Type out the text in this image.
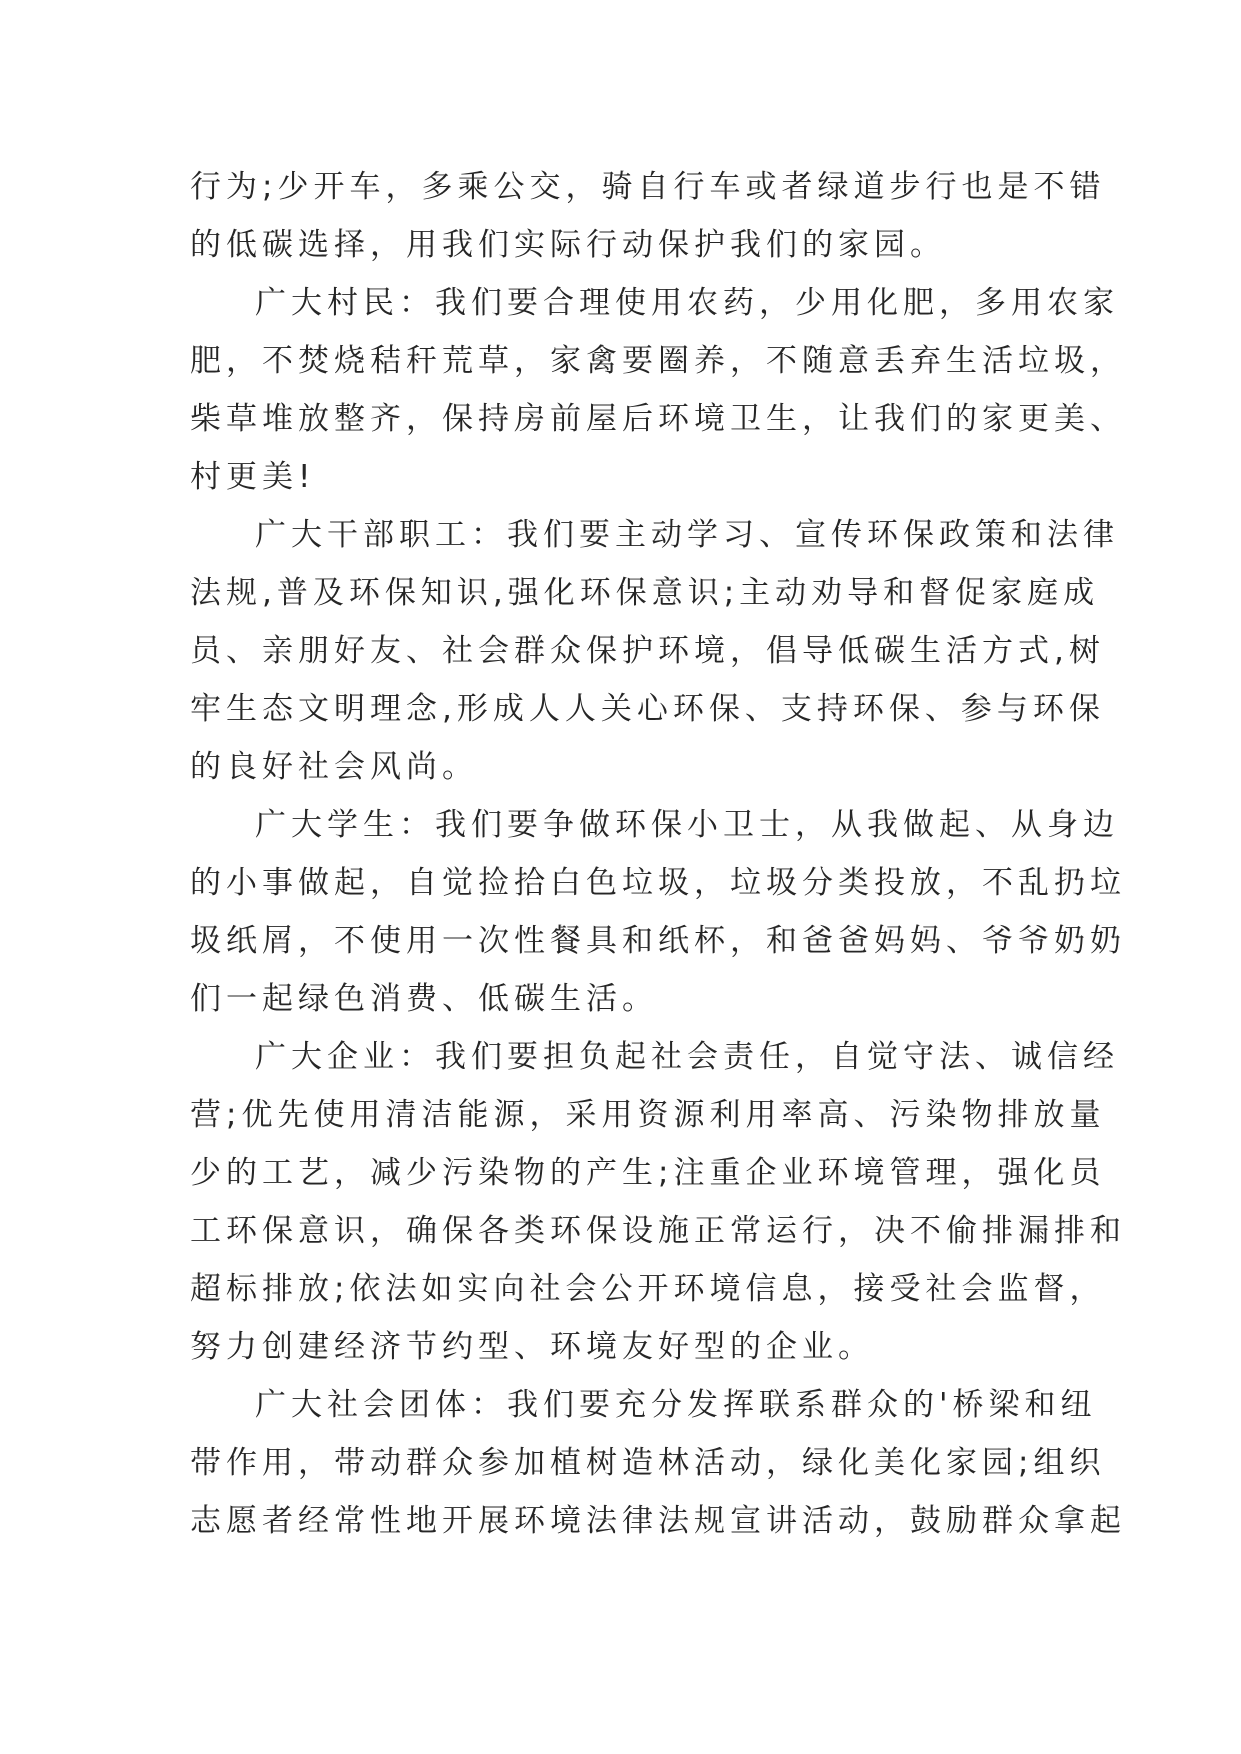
行为;少开车，多乘公交，骑自行车或者绿道步行也是不错
的低碳选择，用我们实际行动保护我们的家园。
广大村民：我们要合理使用农药，少用化肥，多用农家
肥，不焚烧秸秆荒草，家禽要圈养，不随意丢弃生活垃圾，
柴草堆放整齐，保持房前屋后环境卫生，让我们的家更美、
村更美!
广大干部职工：我们要主动学习、宣传环保政策和法律
法规,普及环保知识,强化环保意识;主动劝导和督促家庭成
员、亲朋好友、社会群众保护环境，倡导低碳生活方式,树
牢生态文明理念,形成人人关心环保、支持环保、参与环保
的良好社会风尚。
广大学生：我们要争做环保小卫士，从我做起、从身边
的小事做起，自觉捡拾白色垃圾，垃圾分类投放，不乱扔垃
圾纸屑，不使用一次性餐具和纸杯，和爸爸妈妈、爷爷奶奶
们一起绿色消费、低碳生活。
广大企业：我们要担负起社会责任，自觉守法、诚信经
营;优先使用清洁能源，采用资源利用率高、污染物排放量
少的工艺，减少污染物的产生;注重企业环境管理，强化员
工环保意识，确保各类环保设施正常运行，决不偷排漏排和
超标排放;依法如实向社会公开环境信息，接受社会监督，
努力创建经济节约型、环境友好型的企业。
广大社会团体：我们要充分发挥联系群众的'桥梁和纽
带作用，带动群众参加植树造林活动，绿化美化家园;组织
志愿者经常性地开展环境法律法规宣讲活动，鼓励群众拿起
